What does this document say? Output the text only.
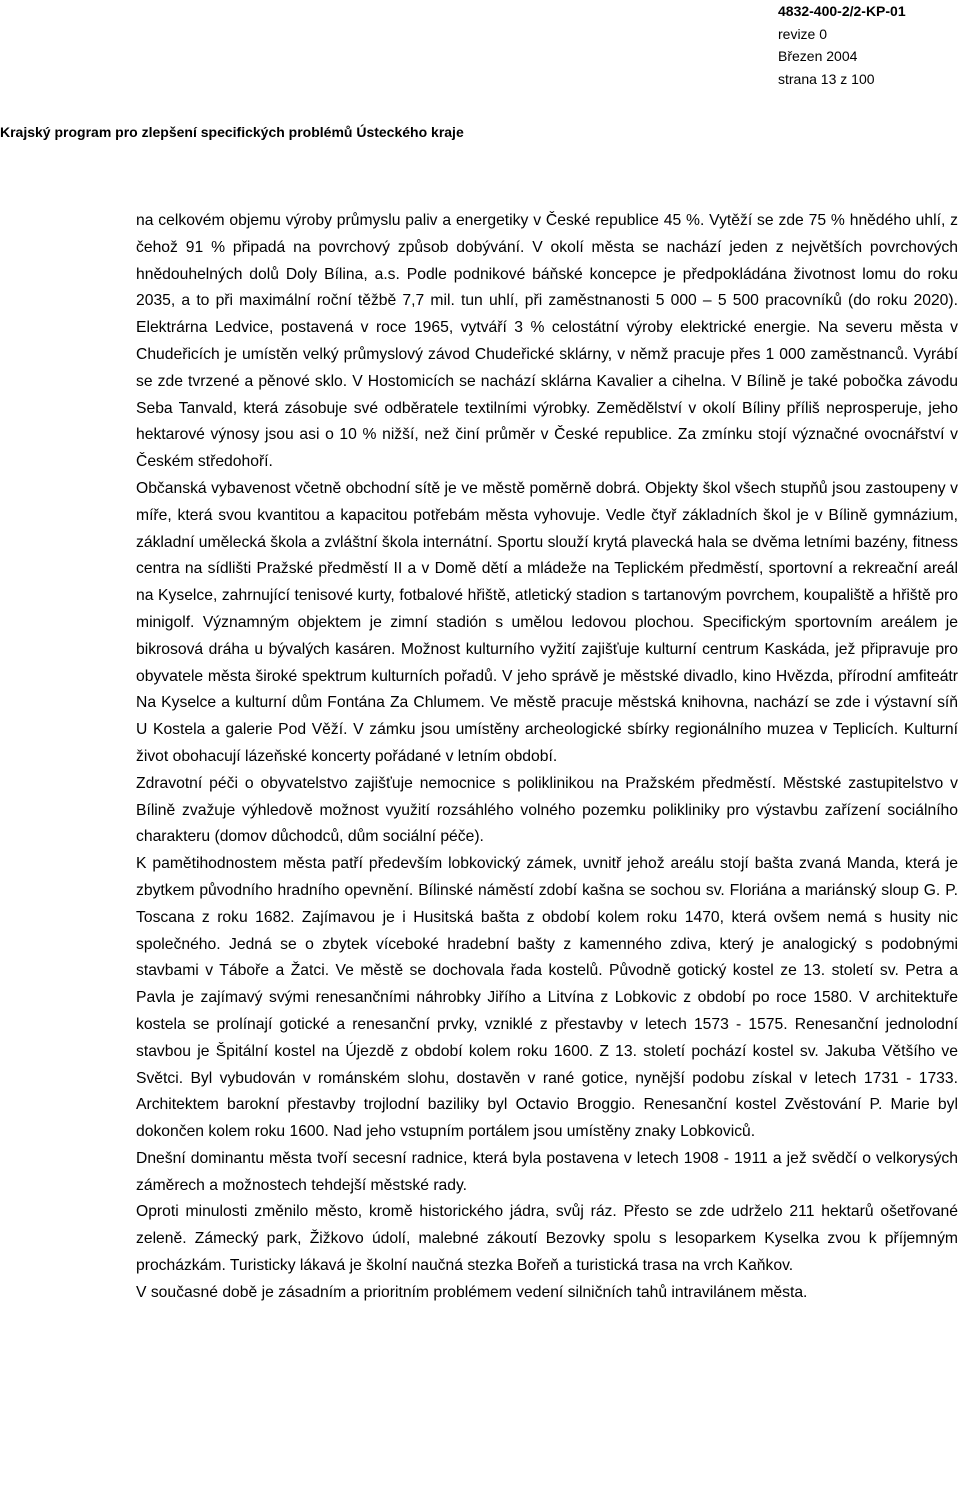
4832-400-2/2-KP-01
revize 0
Březen 2004
strana 13 z 100
Krajský program pro zlepšení specifických problémů Ústeckého kraje

na celkovém objemu výroby průmyslu paliv a energetiky v České republice 45 %. Vytěží se zde 75 % hnědého uhlí, z čehož 91 % připadá na povrchový způsob dobývání. V okolí města se nachází jeden z největších povrchových hnědouhelných dolů Doly Bílina, a.s. Podle podnikové báňské koncepce je předpokládána životnost lomu do roku 2035, a to při maximální roční těžbě 7,7 mil. tun uhlí, při zaměstnanosti 5 000 – 5 500 pracovníků (do roku 2020). Elektrárna Ledvice, postavená v roce 1965, vytváří 3 % celostátní výroby elektrické energie. Na severu města v Chudeřicích je umístěn velký průmyslový závod Chudeřické sklárny, v němž pracuje přes 1 000 zaměstnanců. Vyrábí se zde tvrzené a pěnové sklo. V Hostomicích se nachází sklárna Kavalier a cihelna. V Bílině je také pobočka závodu Seba Tanvald, která zásobuje své odběratele textilními výrobky. Zemědělství v okolí Bíliny příliš neprosperuje, jeho hektarové výnosy jsou asi o 10 % nižší, než činí průměr v České republice. Za zmínku stojí význačné ovocnářství v Českém středohoří.

Občanská vybavenost včetně obchodní sítě je ve městě poměrně dobrá. Objekty škol všech stupňů jsou zastoupeny v míře, která svou kvantitou a kapacitou potřebám města vyhovuje. Vedle čtyř základních škol je v Bílině gymnázium, základní umělecká škola a zvláštní škola internátní. Sportu slouží krytá plavecká hala se dvěma letními bazény, fitness centra na sídlišti Pražské předměstí II a v Domě dětí a mládeže na Teplickém předměstí, sportovní a rekreační areál na Kyselce, zahrnující tenisové kurty, fotbalové hřiště, atletický stadion s tartanovým povrchem, koupaliště a hřiště pro minigolf. Významným objektem je zimní stadión s umělou ledovou plochou. Specifickým sportovním areálem je bikrosová dráha u bývalých kasáren. Možnost kulturního vyžití zajišťuje kulturní centrum Kaskáda, jež připravuje pro obyvatele města široké spektrum kulturních pořadů. V jeho správě je městské divadlo, kino Hvězda, přírodní amfiteátr Na Kyselce a kulturní dům Fontána Za Chlumem. Ve městě pracuje městská knihovna, nachází se zde i výstavní síň U Kostela a galerie Pod Věží. V zámku jsou umístěny archeologické sbírky regionálního muzea v Teplicích. Kulturní život obohacují lázeňské koncerty pořádané v letním období.

Zdravotní péči o obyvatelstvo zajišťuje nemocnice s poliklinikou na Pražském předměstí. Městské zastupitelstvo v Bílině zvažuje výhledově možnost využití rozsáhlého volného pozemku polikliniky pro výstavbu zařízení sociálního charakteru (domov důchodců, dům sociální péče).

K pamětihodnostem města patří především lobkovický zámek, uvnitř jehož areálu stojí bašta zvaná Manda, která je zbytkem původního hradního opevnění. Bílinské náměstí zdobí kašna se sochou sv. Floriána a mariánský sloup G. P. Toscana z roku 1682. Zajímavou je i Husitská bašta z období kolem roku 1470, která ovšem nemá s husity nic společného. Jedná se o zbytek víceboké hradební bašty z kamenného zdiva, který je analogický s podobnými stavbami v Táboře a Žatci. Ve městě se dochovala řada kostelů. Původně gotický kostel ze 13. století sv. Petra a Pavla je zajímavý svými renesančními náhrobky Jiřího a Litvína z Lobkovic z období po roce 1580. V architektuře kostela se prolínají gotické a renesanční prvky, vzniklé z přestavby v letech 1573 - 1575. Renesanční jednolodní stavbou je Špitální kostel na Újezdě z období kolem roku 1600. Z 13. století pochází kostel sv. Jakuba Většího ve Světci. Byl vybudován v románském slohu, dostavěn v rané gotice, nynější podobu získal v letech 1731 - 1733. Architektem barokní přestavby trojlodní baziliky byl Octavio Broggio. Renesanční kostel Zvěstování P. Marie byl dokončen kolem roku 1600. Nad jeho vstupním portálem jsou umístěny znaky Lobkoviců.

Dnešní dominantu města tvoří secesní radnice, která byla postavena v letech 1908 - 1911 a jež svědčí o velkorysých záměrech a možnostech tehdejší městské rady.

Oproti minulosti změnilo město, kromě historického jádra, svůj ráz. Přesto se zde udrželo 211 hektarů ošetřované zeleně. Zámecký park, Žižkovo údolí, malebné zákoutí Bezovky spolu s lesoparkem Kyselka zvou k příjemným procházkám. Turisticky lákavá je školní naučná stezka Bořeň a turistická trasa na vrch Kaňkov.

V současné době je zásadním a prioritním problémem vedení silničních tahů intravilánem města.
